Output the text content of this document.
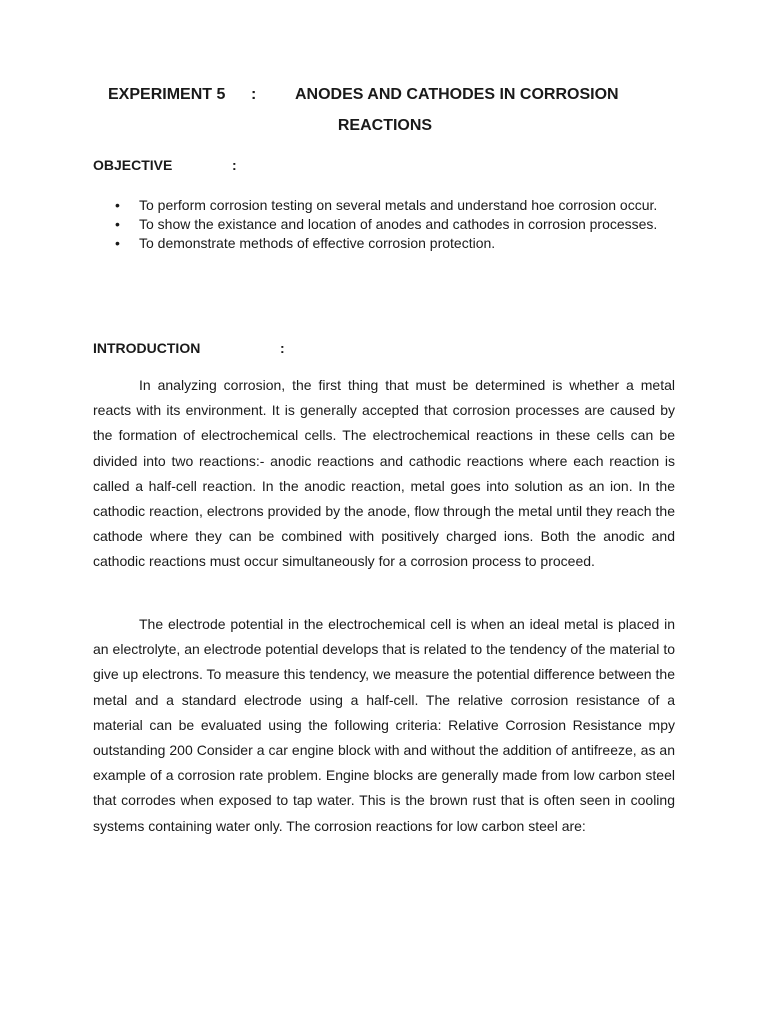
EXPERIMENT 5 : ANODES AND CATHODES IN CORROSION
REACTIONS
OBJECTIVE	:
• To perform corrosion testing on several metals and understand hoe corrosion occur.
• To show the existance and location of anodes and cathodes in corrosion processes.
• To demonstrate methods of effective corrosion protection.
INTRODUCTION	:

In analyzing corrosion, the first thing that must be determined is whether a metal reacts with its environment. It is generally accepted that corrosion processes are caused by the formation of electrochemical cells. The electrochemical reactions in these cells can be divided into two reactions:- anodic reactions and cathodic reactions where each reaction is called a half-cell reaction. In the anodic reaction, metal goes into solution as an ion. In the cathodic reaction, electrons provided by the anode, flow through the metal until they reach the cathode where they can be combined with positively charged ions. Both the anodic and cathodic reactions must occur simultaneously for a corrosion process to proceed.

The electrode potential in the electrochemical cell is when an ideal metal is placed in an electrolyte, an electrode potential develops that is related to the tendency of the material to give up electrons. To measure this tendency, we measure the potential difference between the metal and a standard electrode using a half-cell. The relative corrosion resistance of a material can be evaluated using the following criteria: Relative Corrosion Resistance mpy outstanding 200 Consider a car engine block with and without the addition of antifreeze, as an example of a corrosion rate problem. Engine blocks are generally made from low carbon steel that corrodes when exposed to tap water. This is the brown rust that is often seen in cooling systems containing water only. The corrosion reactions for low carbon steel are:
